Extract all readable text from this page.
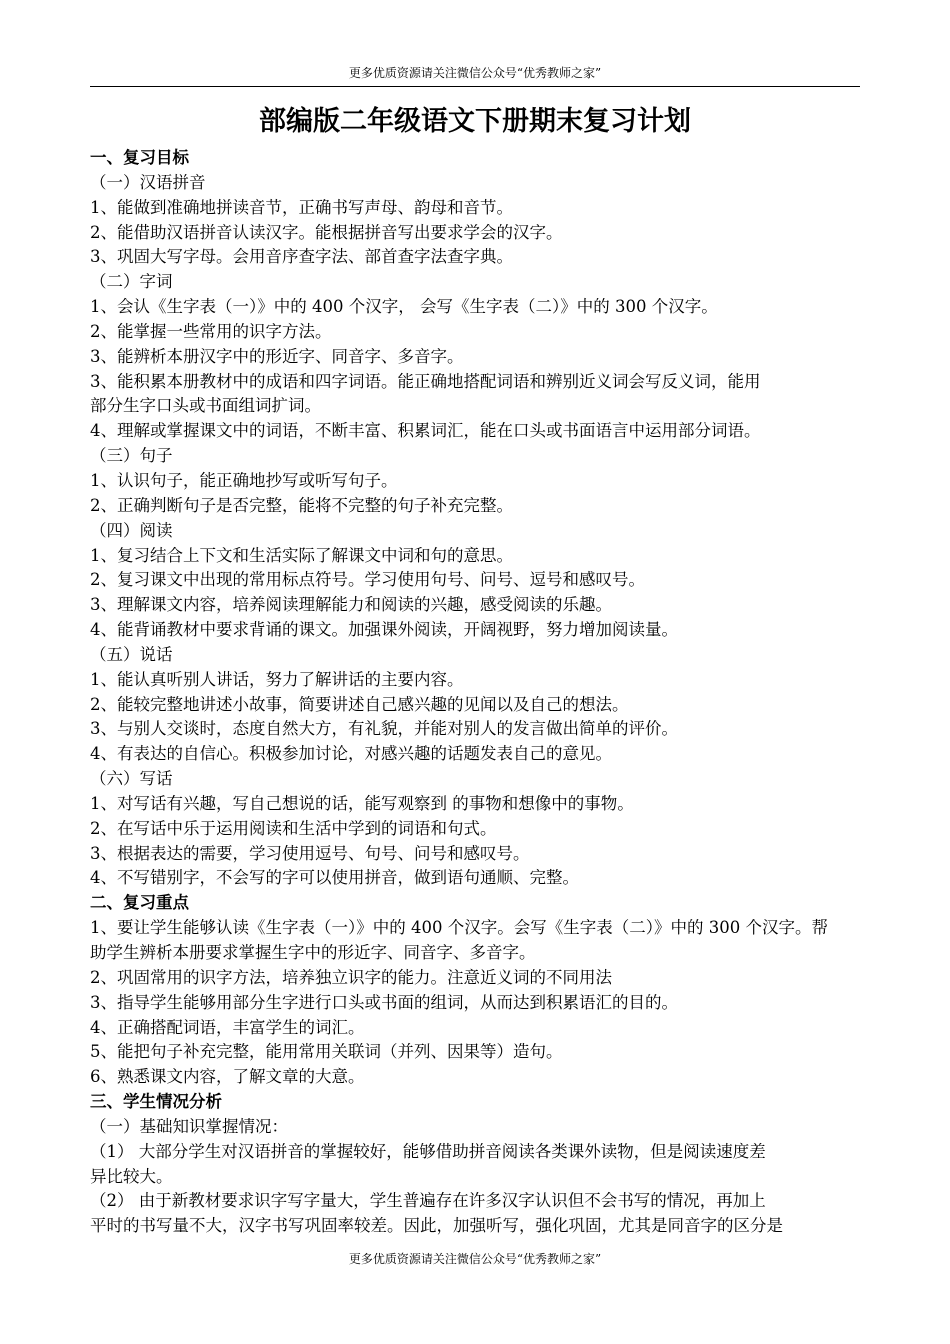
更多优质资源请关注微信公众号“优秀教师之家”
部编版二年级语文下册期末复习计划
一、复习目标
（一）汉语拼音
1、能做到准确地拼读音节，正确书写声母、韵母和音节。
2、能借助汉语拼音认读汉字。能根据拼音写出要求学会的汉字。
3、巩固大写字母。会用音序查字法、部首查字法查字典。
（二）字词
1、会认《生字表（一）》中的 400 个汉字， 会写《生字表（二）》中的 300 个汉字。
2、能掌握一些常用的识字方法。
3、能辨析本册汉字中的形近字、同音字、多音字。
3、能积累本册教材中的成语和四字词语。能正确地搭配词语和辨别近义词会写反义词，能用
部分生字口头或书面组词扩词。
4、理解或掌握课文中的词语，不断丰富、积累词汇，能在口头或书面语言中运用部分词语。
（三）句子
1、认识句子，能正确地抄写或听写句子。
2、正确判断句子是否完整，能将不完整的句子补充完整。
（四）阅读
1、复习结合上下文和生活实际了解课文中词和句的意思。
2、复习课文中出现的常用标点符号。学习使用句号、问号、逗号和感叹号。
3、理解课文内容，培养阅读理解能力和阅读的兴趣，感受阅读的乐趣。
4、能背诵教材中要求背诵的课文。加强课外阅读，开阔视野，努力增加阅读量。
（五）说话
1、能认真听别人讲话，努力了解讲话的主要内容。
2、能较完整地讲述小故事，简要讲述自己感兴趣的见闻以及自己的想法。
3、与别人交谈时，态度自然大方，有礼貌，并能对别人的发言做出简单的评价。
4、有表达的自信心。积极参加讨论，对感兴趣的话题发表自己的意见。
（六）写话
1、对写话有兴趣，写自己想说的话，能写观察到 的事物和想像中的事物。
2、在写话中乐于运用阅读和生活中学到的词语和句式。
3、根据表达的需要，学习使用逗号、句号、问号和感叹号。
4、不写错别字，不会写的字可以使用拼音，做到语句通顺、完整。
二、复习重点
1、要让学生能够认读《生字表（一）》中的 400 个汉字。会写《生字表（二）》中的 300 个汉字。帮
助学生辨析本册要求掌握生字中的形近字、同音字、多音字。
2、巩固常用的识字方法，培养独立识字的能力。注意近义词的不同用法
3、指导学生能够用部分生字进行口头或书面的组词，从而达到积累语汇的目的。
4、正确搭配词语，丰富学生的词汇。
5、能把句子补充完整，能用常用关联词（并列、因果等）造句。
6、熟悉课文内容，了解文章的大意。
三、学生情况分析
（一）基础知识掌握情况：
（1） 大部分学生对汉语拼音的掌握较好，能够借助拼音阅读各类课外读物，但是阅读速度差
异比较大。
（2） 由于新教材要求识字写字量大，学生普遍存在许多汉字认识但不会书写的情况，再加上
平时的书写量不大，汉字书写巩固率较差。因此，加强听写，强化巩固，尤其是同音字的区分是
更多优质资源请关注微信公众号“优秀教师之家”
